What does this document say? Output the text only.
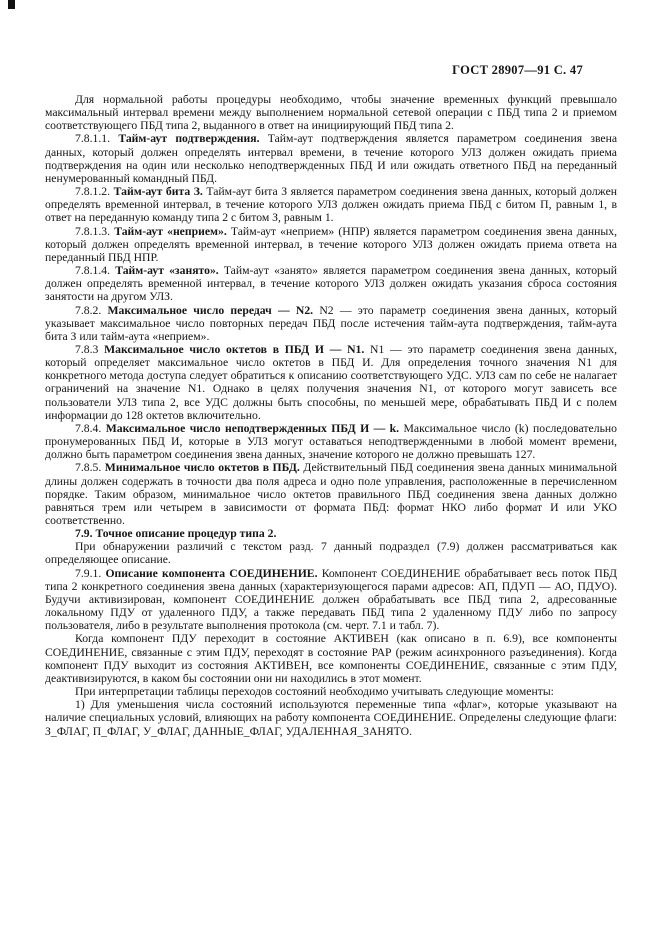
ГОСТ 28907—91 С. 47

Для нормальной работы процедуры необходимо, чтобы значение временных функций превышало максимальный интервал времени между выполнением нормальной сетевой операции с ПБД типа 2 и приемом соответствующего ПБД типа 2, выданного в ответ на инициирующий ПБД типа 2.

7.8.1.1. Тайм-аут подтверждения. Тайм-аут подтверждения является параметром соединения звена данных, который должен определять интервал времени, в течение которого УЛЗ должен ожидать приема подтверждения на один или несколько неподтвержденных ПБД И или ожидать ответного ПБД на переданный ненумерованный командный ПБД.

7.8.1.2. Тайм-аут бита З. Тайм-аут бита З является параметром соединения звена данных, который должен определять временной интервал, в течение которого УЛЗ должен ожидать приема ПБД с битом П, равным 1, в ответ на переданную команду типа 2 с битом З, равным 1.

7.8.1.3. Тайм-аут «неприем». Тайм-аут «неприем» (НПР) является параметром соединения звена данных, который должен определять временной интервал, в течение которого УЛЗ должен ожидать приема ответа на переданный ПБД НПР.

7.8.1.4. Тайм-аут «занято». Тайм-аут «занято» является параметром соединения звена данных, который должен определять временной интервал, в течение которого УЛЗ должен ожидать указания сброса состояния занятости на другом УЛЗ.

7.8.2. Максимальное число передач — N2. N2 — это параметр соединения звена данных, который указывает максимальное число повторных передач ПБД после истечения тайм-аута подтверждения, тайм-аута бита З или тайм-аута «неприем».

7.8.3 Максимальное число октетов в ПБД И — N1. N1 — это параметр соединения звена данных, который определяет максимальное число октетов в ПБД И. Для определения точного значения N1 для конкретного метода доступа следует обратиться к описанию соответствующего УДС. УЛЗ сам по себе не налагает ограничений на значение N1. Однако в целях получения значения N1, от которого могут зависеть все пользователи УЛЗ типа 2, все УДС должны быть способны, по меньшей мере, обрабатывать ПБД И с полем информации до 128 октетов включительно.

7.8.4. Максимальное число неподтвержденных ПБД И — k. Максимальное число (k) последовательно пронумерованных ПБД И, которые в УЛЗ могут оставаться неподтвержденными в любой момент времени, должно быть параметром соединения звена данных, значение которого не должно превышать 127.

7.8.5. Минимальное число октетов в ПБД. Действительный ПБД соединения звена данных минимальной длины должен содержать в точности два поля адреса и одно поле управления, расположенные в перечисленном порядке. Таким образом, минимальное число октетов правильного ПБД соединения звена данных должно равняться трем или четырем в зависимости от формата ПБД: формат НКО либо формат И или УКО соответственно.

7.9. Точное описание процедур типа 2.

При обнаружении различий с текстом разд. 7 данный подраздел (7.9) должен рассматриваться как определяющее описание.

7.9.1. Описание компонента СОЕДИНЕНИЕ. Компонент СОЕДИНЕНИЕ обрабатывает весь поток ПБД типа 2 конкретного соединения звена данных (характеризующегося парами адресов: АП, ПДУП — АО, ПДУО). Будучи активизирован, компонент СОЕДИНЕНИЕ должен обрабатывать все ПБД типа 2, адресованные локальному ПДУ от удаленного ПДУ, а также передавать ПБД типа 2 удаленному ПДУ либо по запросу пользователя, либо в результате выполнения протокола (см. черт. 7.1 и табл. 7).

Когда компонент ПДУ переходит в состояние АКТИВЕН (как описано в п. 6.9), все компоненты СОЕДИНЕНИЕ, связанные с этим ПДУ, переходят в состояние РАР (режим асинхронного разъединения). Когда компонент ПДУ выходит из состояния АКТИВЕН, все компоненты СОЕДИНЕНИЕ, связанные с этим ПДУ, деактивизируются, в каком бы состоянии они ни находились в этот момент.

При интерпретации таблицы переходов состояний необходимо учитывать следующие моменты:

1) Для уменьшения числа состояний используются переменные типа «флаг», которые указывают на наличие специальных условий, влияющих на работу компонента СОЕДИНЕНИЕ. Определены следующие флаги: З_ФЛАГ, П_ФЛАГ, У_ФЛАГ, ДАННЫЕ_ФЛАГ, УДАЛЕННАЯ_ЗАНЯТО.
